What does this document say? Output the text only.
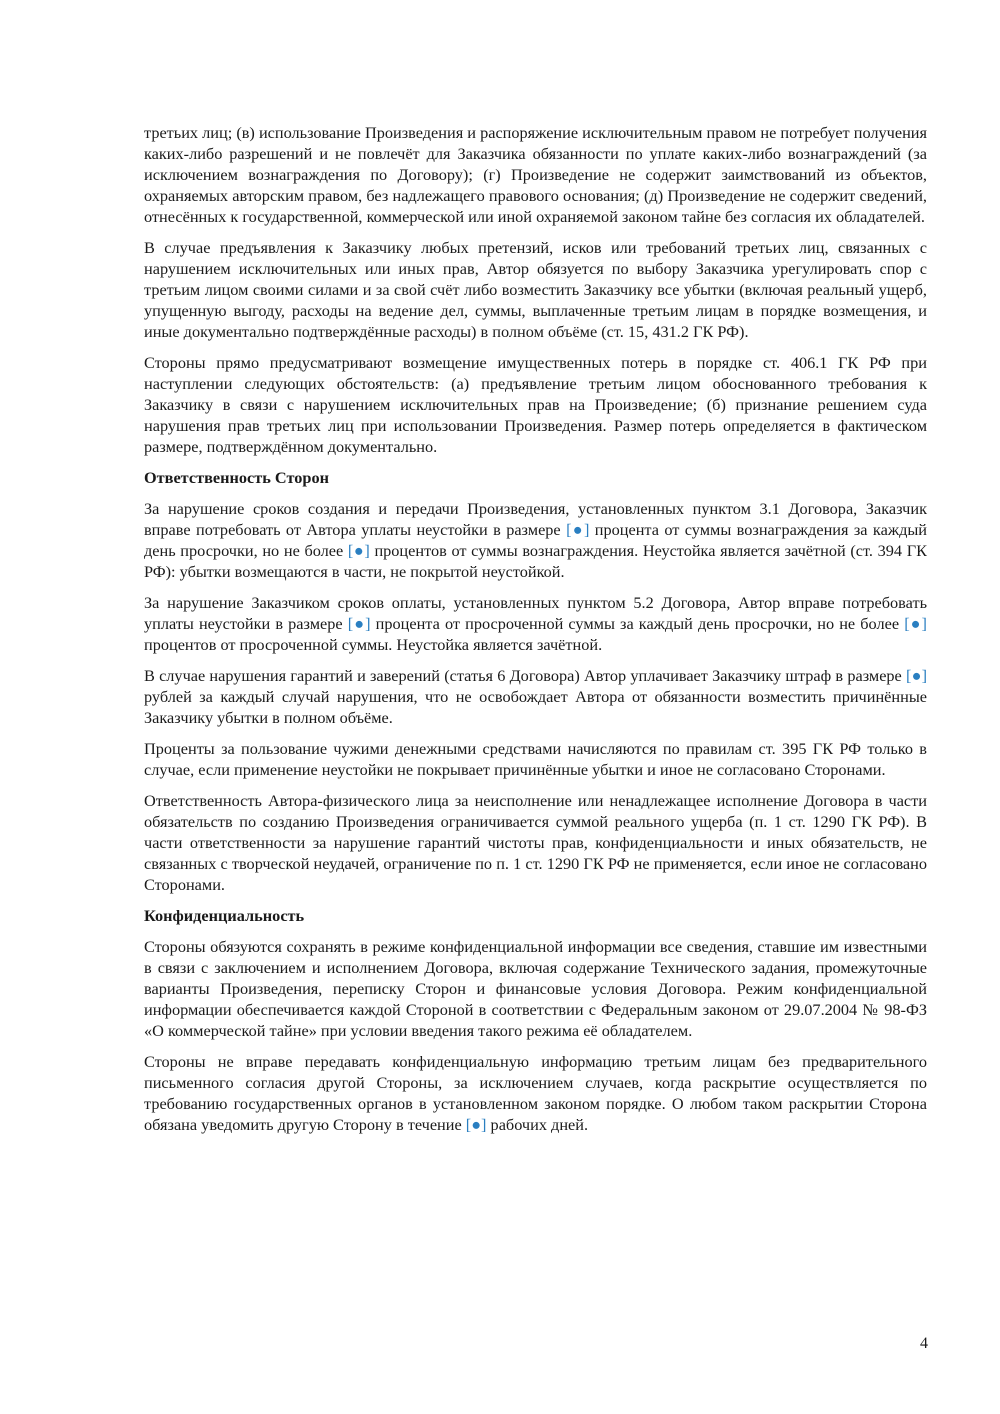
третьих лиц; (в) использование Произведения и распоряжение исключительным правом не потребует получения каких-либо разрешений и не повлечёт для Заказчика обязанности по уплате каких-либо вознаграждений (за исключением вознаграждения по Договору); (г) Произведение не содержит заимствований из объектов, охраняемых авторским правом, без надлежащего правового основания; (д) Произведение не содержит сведений, отнесённых к государственной, коммерческой или иной охраняемой законом тайне без согласия их обладателей.

В случае предъявления к Заказчику любых претензий, исков или требований третьих лиц, связанных с нарушением исключительных или иных прав, Автор обязуется по выбору Заказчика урегулировать спор с третьим лицом своими силами и за свой счёт либо возместить Заказчику все убытки (включая реальный ущерб, упущенную выгоду, расходы на ведение дел, суммы, выплаченные третьим лицам в порядке возмещения, и иные документально подтверждённые расходы) в полном объёме (ст. 15, 431.2 ГК РФ).

Стороны прямо предусматривают возмещение имущественных потерь в порядке ст. 406.1 ГК РФ при наступлении следующих обстоятельств: (а) предъявление третьим лицом обоснованного требования к Заказчику в связи с нарушением исключительных прав на Произведение; (б) признание решением суда нарушения прав третьих лиц при использовании Произведения. Размер потерь определяется в фактическом размере, подтверждённом документально.

Ответственность Сторон

За нарушение сроков создания и передачи Произведения, установленных пунктом 3.1 Договора, Заказчик вправе потребовать от Автора уплаты неустойки в размере [●] процента от суммы вознаграждения за каждый день просрочки, но не более [●] процентов от суммы вознаграждения. Неустойка является зачётной (ст. 394 ГК РФ): убытки возмещаются в части, не покрытой неустойкой.

За нарушение Заказчиком сроков оплаты, установленных пунктом 5.2 Договора, Автор вправе потребовать уплаты неустойки в размере [●] процента от просроченной суммы за каждый день просрочки, но не более [●] процентов от просроченной суммы. Неустойка является зачётной.

В случае нарушения гарантий и заверений (статья 6 Договора) Автор уплачивает Заказчику штраф в размере [●] рублей за каждый случай нарушения, что не освобождает Автора от обязанности возместить причинённые Заказчику убытки в полном объёме.

Проценты за пользование чужими денежными средствами начисляются по правилам ст. 395 ГК РФ только в случае, если применение неустойки не покрывает причинённые убытки и иное не согласовано Сторонами.

Ответственность Автора-физического лица за неисполнение или ненадлежащее исполнение Договора в части обязательств по созданию Произведения ограничивается суммой реального ущерба (п. 1 ст. 1290 ГК РФ). В части ответственности за нарушение гарантий чистоты прав, конфиденциальности и иных обязательств, не связанных с творческой неудачей, ограничение по п. 1 ст. 1290 ГК РФ не применяется, если иное не согласовано Сторонами.

Конфиденциальность

Стороны обязуются сохранять в режиме конфиденциальной информации все сведения, ставшие им известными в связи с заключением и исполнением Договора, включая содержание Технического задания, промежуточные варианты Произведения, переписку Сторон и финансовые условия Договора. Режим конфиденциальной информации обеспечивается каждой Стороной в соответствии с Федеральным законом от 29.07.2004 № 98-ФЗ «О коммерческой тайне» при условии введения такого режима её обладателем.

Стороны не вправе передавать конфиденциальную информацию третьим лицам без предварительного письменного согласия другой Стороны, за исключением случаев, когда раскрытие осуществляется по требованию государственных органов в установленном законом порядке. О любом таком раскрытии Сторона обязана уведомить другую Сторону в течение [●] рабочих дней.

4
